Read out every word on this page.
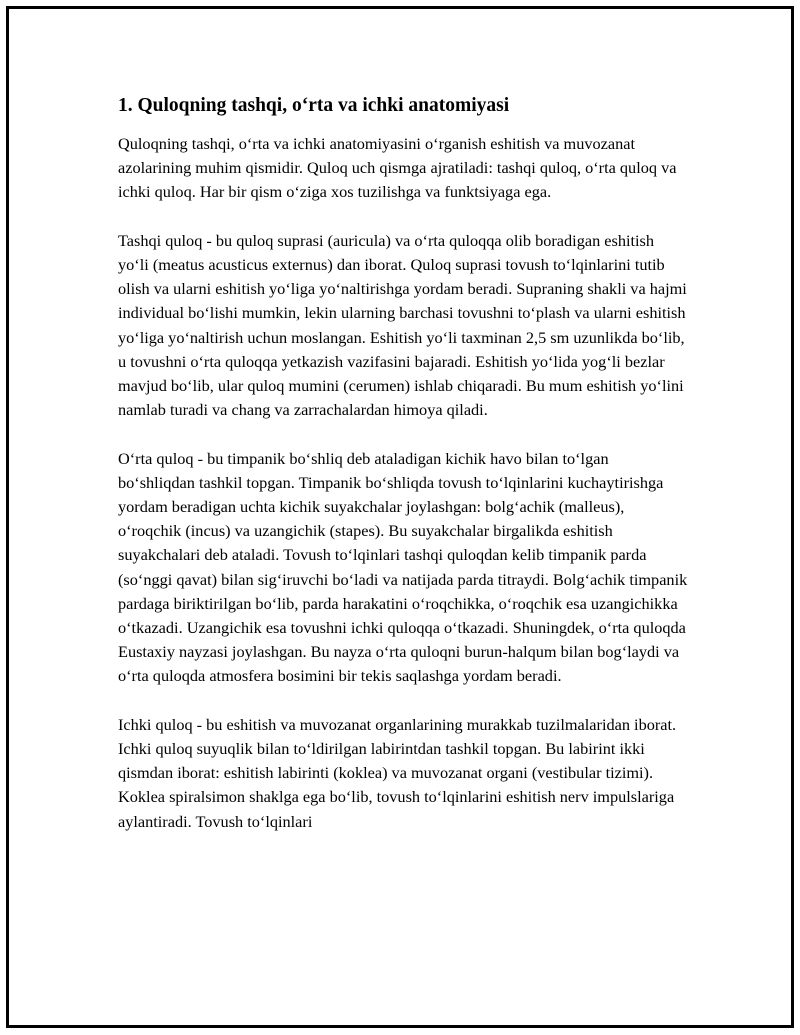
1. Quloqning tashqi, o‘rta va ichki anatomiyasi

Quloqning tashqi, o‘rta va ichki anatomiyasini o‘rganish eshitish va muvozanat azolarining muhim qismidir. Quloq uch qismga ajratiladi: tashqi quloq, o‘rta quloq va ichki quloq. Har bir qism o‘ziga xos tuzilishga va funktsiyaga ega.

Tashqi quloq - bu quloq suprasi (auricula) va o‘rta quloqqa olib boradigan eshitish yo‘li (meatus acusticus externus) dan iborat. Quloq suprasi tovush to‘lqinlarini tutib olish va ularni eshitish yo‘liga yo‘naltirishga yordam beradi. Supraning shakli va hajmi individual bo‘lishi mumkin, lekin ularning barchasi tovushni to‘plash va ularni eshitish yo‘liga yo‘naltirish uchun moslangan. Eshitish yo‘li taxminan 2,5 sm uzunlikda bo‘lib, u tovushni o‘rta quloqqa yetkazish vazifasini bajaradi. Eshitish yo‘lida yog‘li bezlar mavjud bo‘lib, ular quloq mumini (cerumen) ishlab chiqaradi. Bu mum eshitish yo‘lini namlab turadi va chang va zarrachalardan himoya qiladi.

O‘rta quloq - bu timpanik bo‘shliq deb ataladigan kichik havo bilan to‘lgan bo‘shliqdan tashkil topgan. Timpanik bo‘shliqda tovush to‘lqinlarini kuchaytirishga yordam beradigan uchta kichik suyakchalar joylashgan: bolg‘achik (malleus), o‘roqchik (incus) va uzangichik (stapes). Bu suyakchalar birgalikda eshitish suyakchalari deb ataladi. Tovush to‘lqinlari tashqi quloqdan kelib timpanik parda (so‘nggi qavat) bilan sig‘iruvchi bo‘ladi va natijada parda titraydi. Bolg‘achik timpanik pardaga biriktirilgan bo‘lib, parda harakatini o‘roqchikka, o‘roqchik esa uzangichikka o‘tkazadi. Uzangichik esa tovushni ichki quloqqa o‘tkazadi. Shuningdek, o‘rta quloqda Eustaxiy nayzasi joylashgan. Bu nayza o‘rta quloqni burun-halqum bilan bog‘laydi va o‘rta quloqda atmosfera bosimini bir tekis saqlashga yordam beradi.

Ichki quloq - bu eshitish va muvozanat organlarining murakkab tuzilmalaridan iborat. Ichki quloq suyuqlik bilan to‘ldirilgan labirintdan tashkil topgan. Bu labirint ikki qismdan iborat: eshitish labirinti (koklea) va muvozanat organi (vestibular tizimi). Koklea spiralsimon shaklga ega bo‘lib, tovush to‘lqinlarini eshitish nerv impulslariga aylantiradi. Tovush to‘lqinlari
